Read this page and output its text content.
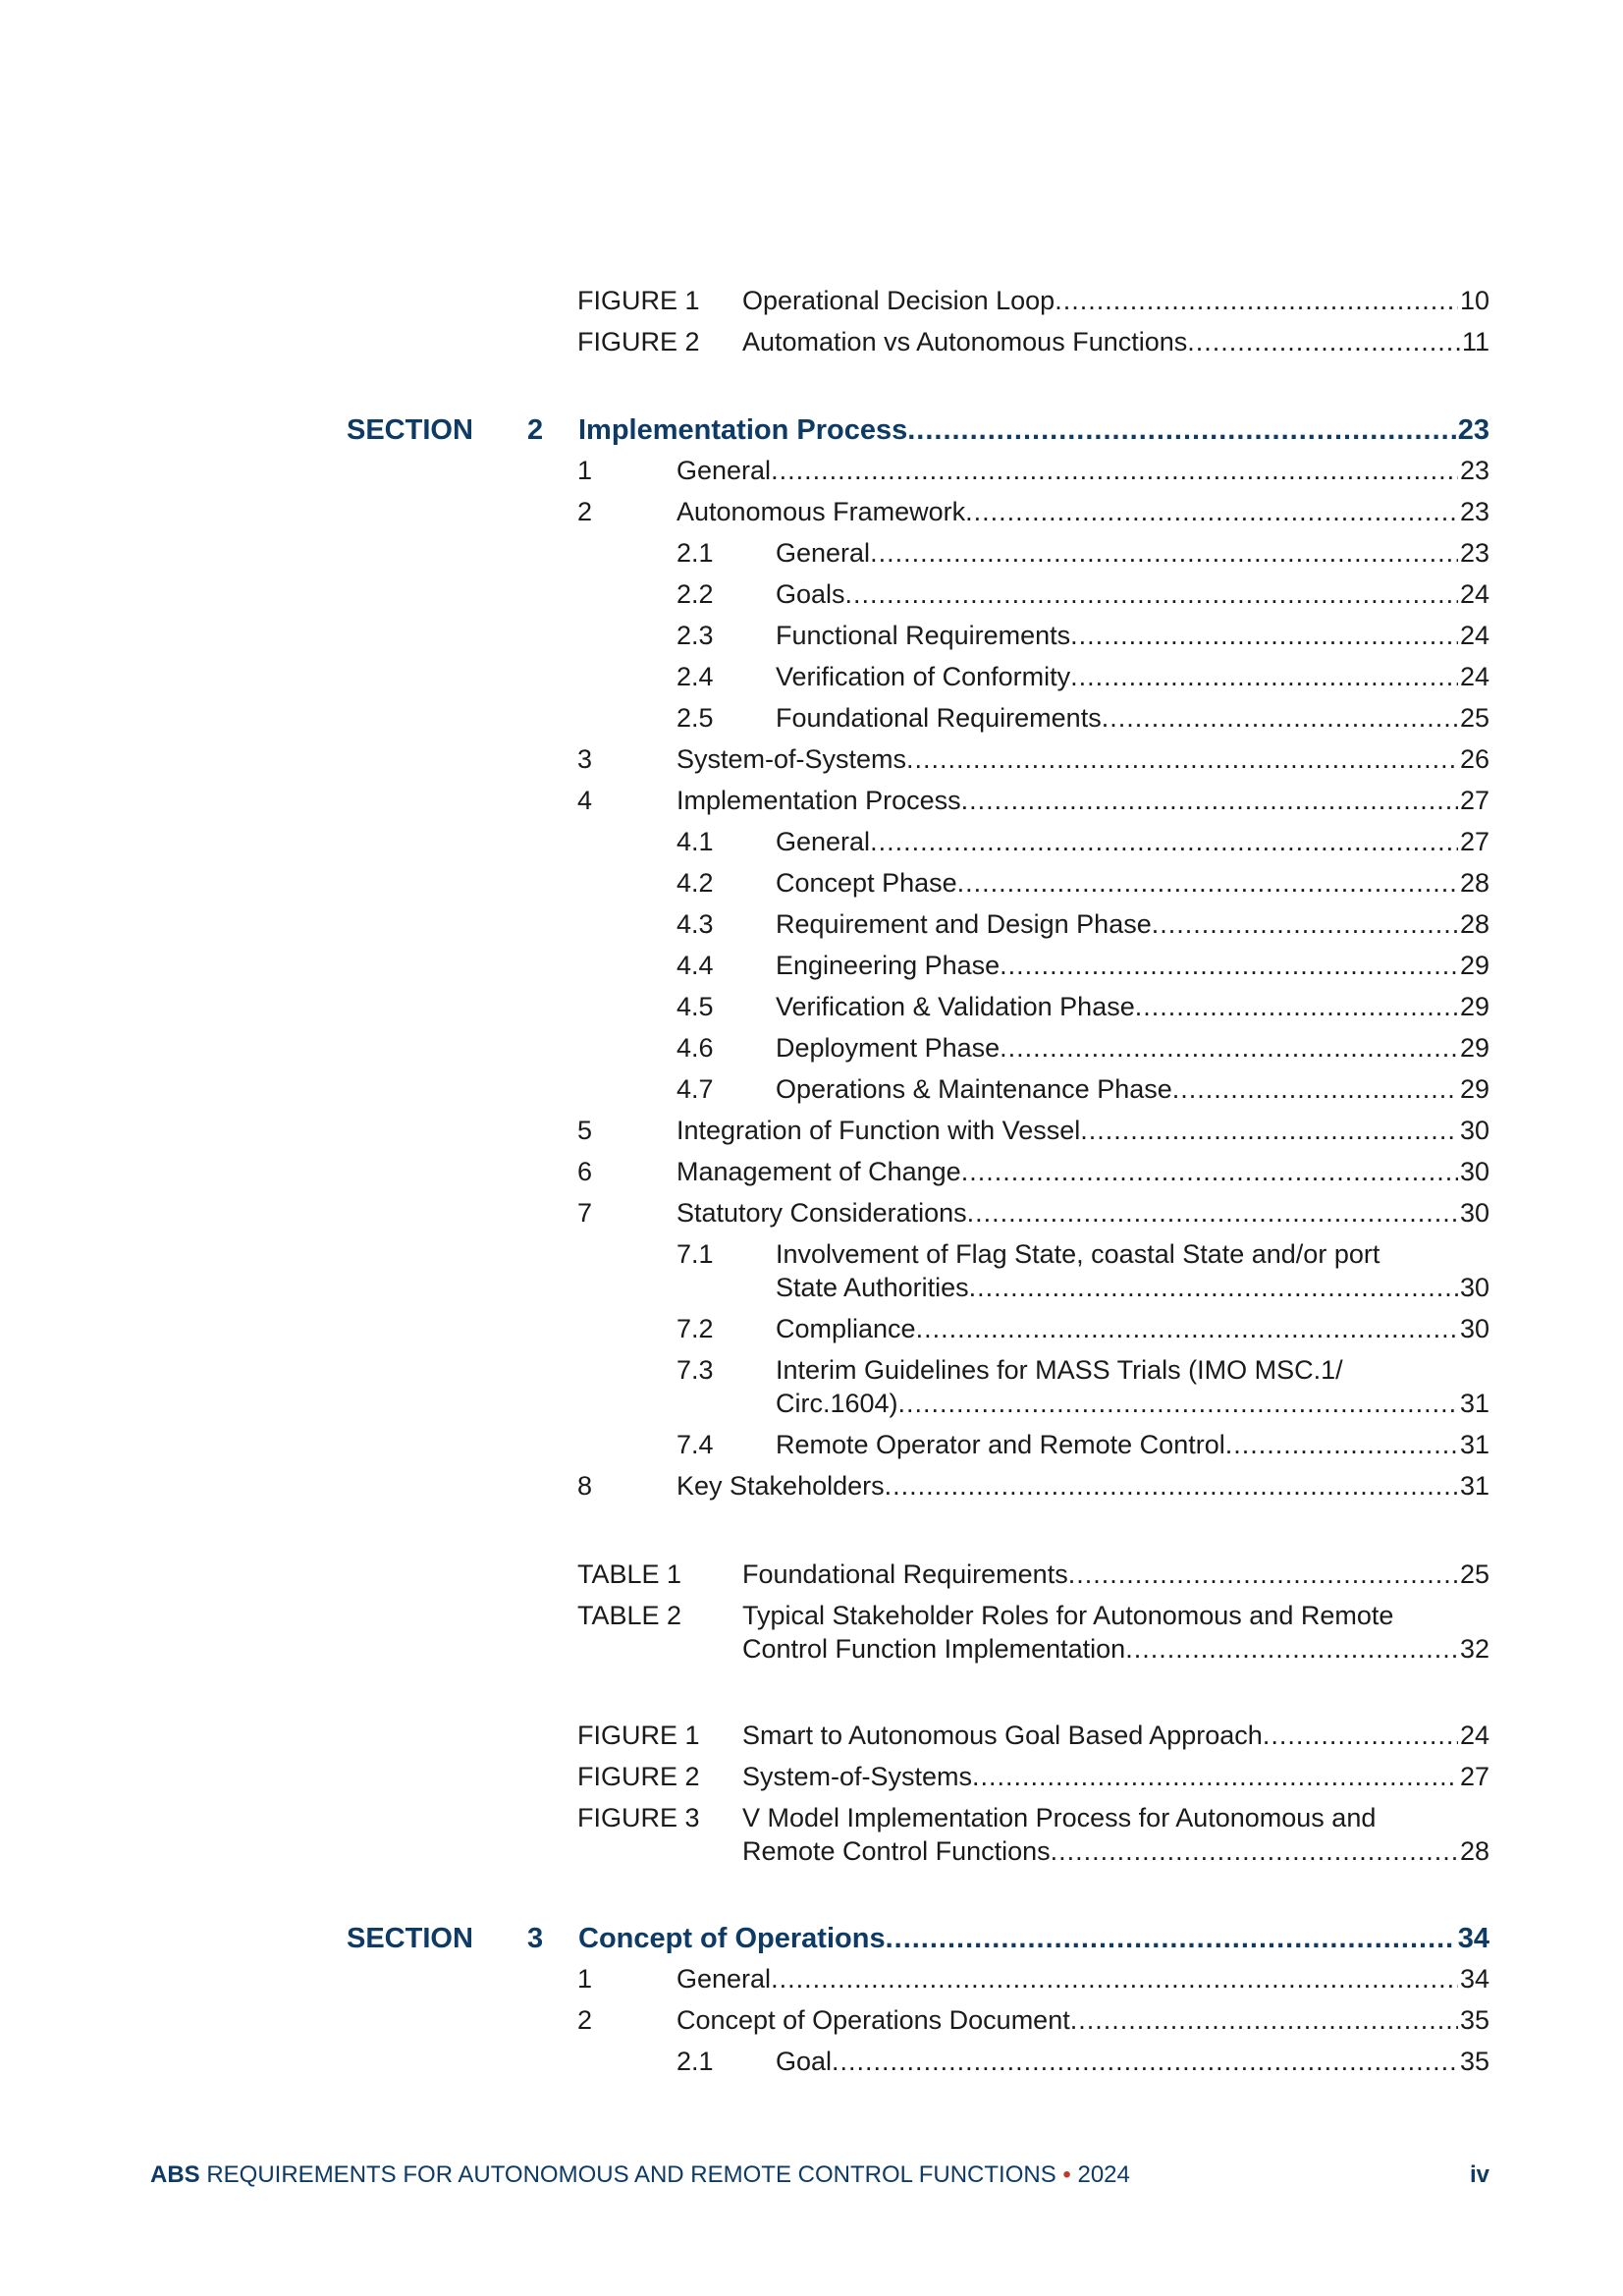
FIGURE 1 Operational Decision Loop .....	10
FIGURE 2 Automation vs Autonomous Functions .....	11
SECTION 2 Implementation Process .....	23
1	General .....	23
2	Autonomous Framework .....	23
2.1 General .....	23
2.2 Goals .....	24
2.3 Functional Requirements .....	24
2.4 Verification of Conformity .....	24
2.5 Foundational Requirements .....	25
3	System-of-Systems .....	26
4	Implementation Process .....	27
4.1 General .....	27
4.2 Concept Phase .....	28
4.3 Requirement and Design Phase .....	28
4.4 Engineering Phase .....	29
4.5 Verification & Validation Phase .....	29
4.6 Deployment Phase .....	29
4.7 Operations & Maintenance Phase .....	29
5	Integration of Function with Vessel .....	30
6	Management of Change .....	30
7	Statutory Considerations .....	30
7.1 Involvement of Flag State, coastal State and/or port
State Authorities .....	30
7.2 Compliance .....	30
7.3 Interim Guidelines for MASS Trials (IMO MSC.1/
Circ.1604) .....	31
7.4 Remote Operator and Remote Control .....	31
8	Key Stakeholders .....	31
TABLE 1 Foundational Requirements .....	25
TABLE 2 Typical Stakeholder Roles for Autonomous and Remote
Control Function Implementation .....	32
FIGURE 1 Smart to Autonomous Goal Based Approach .....	24
FIGURE 2 System-of-Systems .....	27
FIGURE 3 V Model Implementation Process for Autonomous and
Remote Control Functions .....	28
SECTION 3 Concept of Operations .....	34
1	General .....	34
2	Concept of Operations Document .....	35
2.1 Goal .....	35
ABS REQUIREMENTS FOR AUTONOMOUS AND REMOTE CONTROL FUNCTIONS • 2024	iv
